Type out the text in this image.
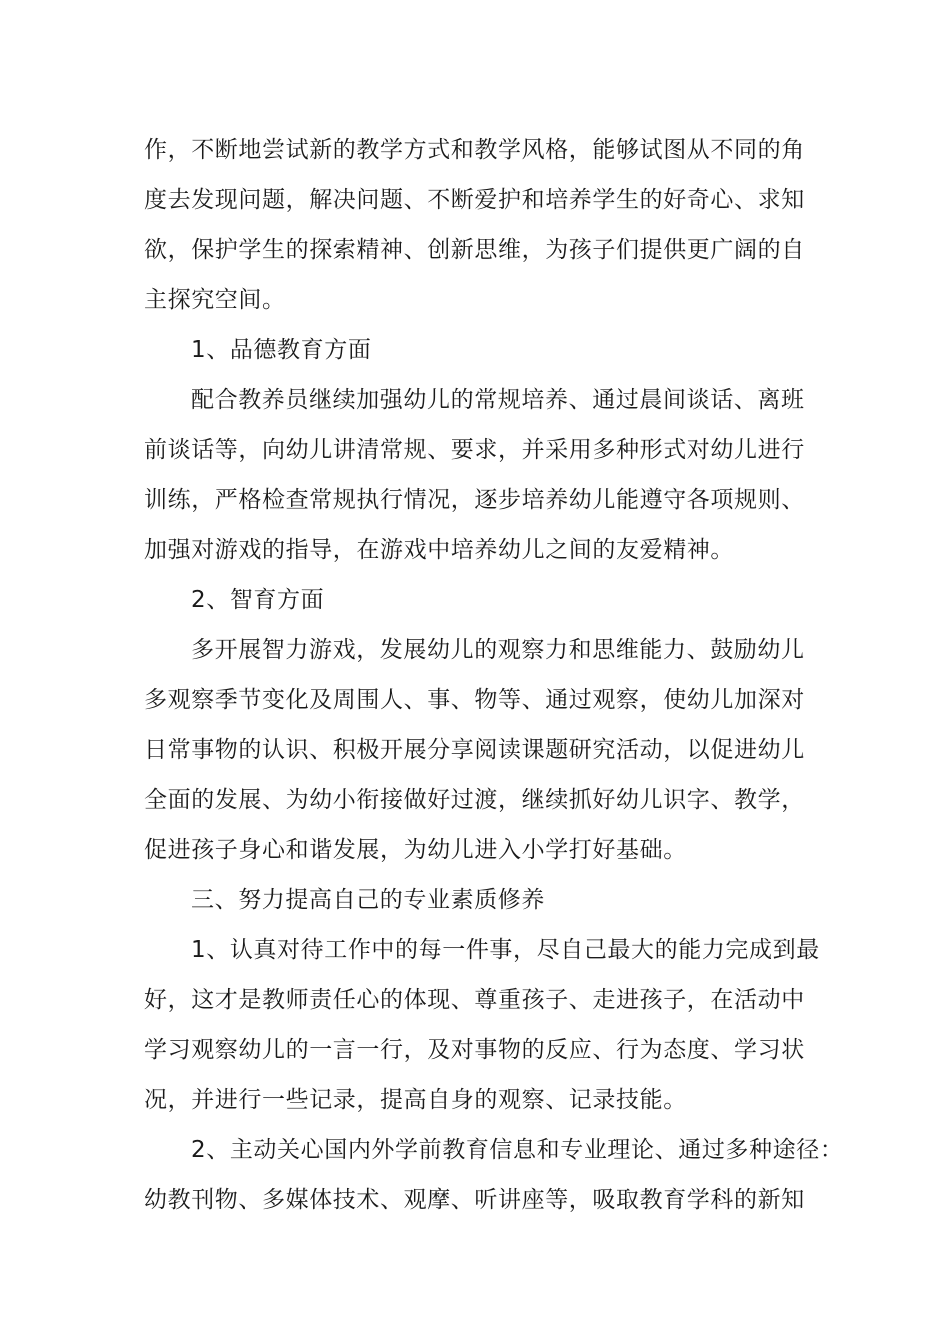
作，不断地尝试新的教学方式和教学风格，能够试图从不同的角
度去发现问题，解决问题、不断爱护和培养学生的好奇心、求知
欲，保护学生的探索精神、创新思维，为孩子们提供更广阔的自
主探究空间。
1、品德教育方面
配合教养员继续加强幼儿的常规培养、通过晨间谈话、离班
前谈话等，向幼儿讲清常规、要求，并采用多种形式对幼儿进行
训练，严格检查常规执行情况，逐步培养幼儿能遵守各项规则、
加强对游戏的指导，在游戏中培养幼儿之间的友爱精神。
2、智育方面
多开展智力游戏，发展幼儿的观察力和思维能力、鼓励幼儿
多观察季节变化及周围人、事、物等、通过观察，使幼儿加深对
日常事物的认识、积极开展分享阅读课题研究活动，以促进幼儿
全面的发展、为幼小衔接做好过渡，继续抓好幼儿识字、教学，
促进孩子身心和谐发展，为幼儿进入小学打好基础。
三、努力提高自己的专业素质修养
1、认真对待工作中的每一件事，尽自己最大的能力完成到最
好，这才是教师责任心的体现、尊重孩子、走进孩子，在活动中
学习观察幼儿的一言一行，及对事物的反应、行为态度、学习状
况，并进行一些记录，提高自身的观察、记录技能。
2、主动关心国内外学前教育信息和专业理论、通过多种途径：
幼教刊物、多媒体技术、观摩、听讲座等，吸取教育学科的新知
